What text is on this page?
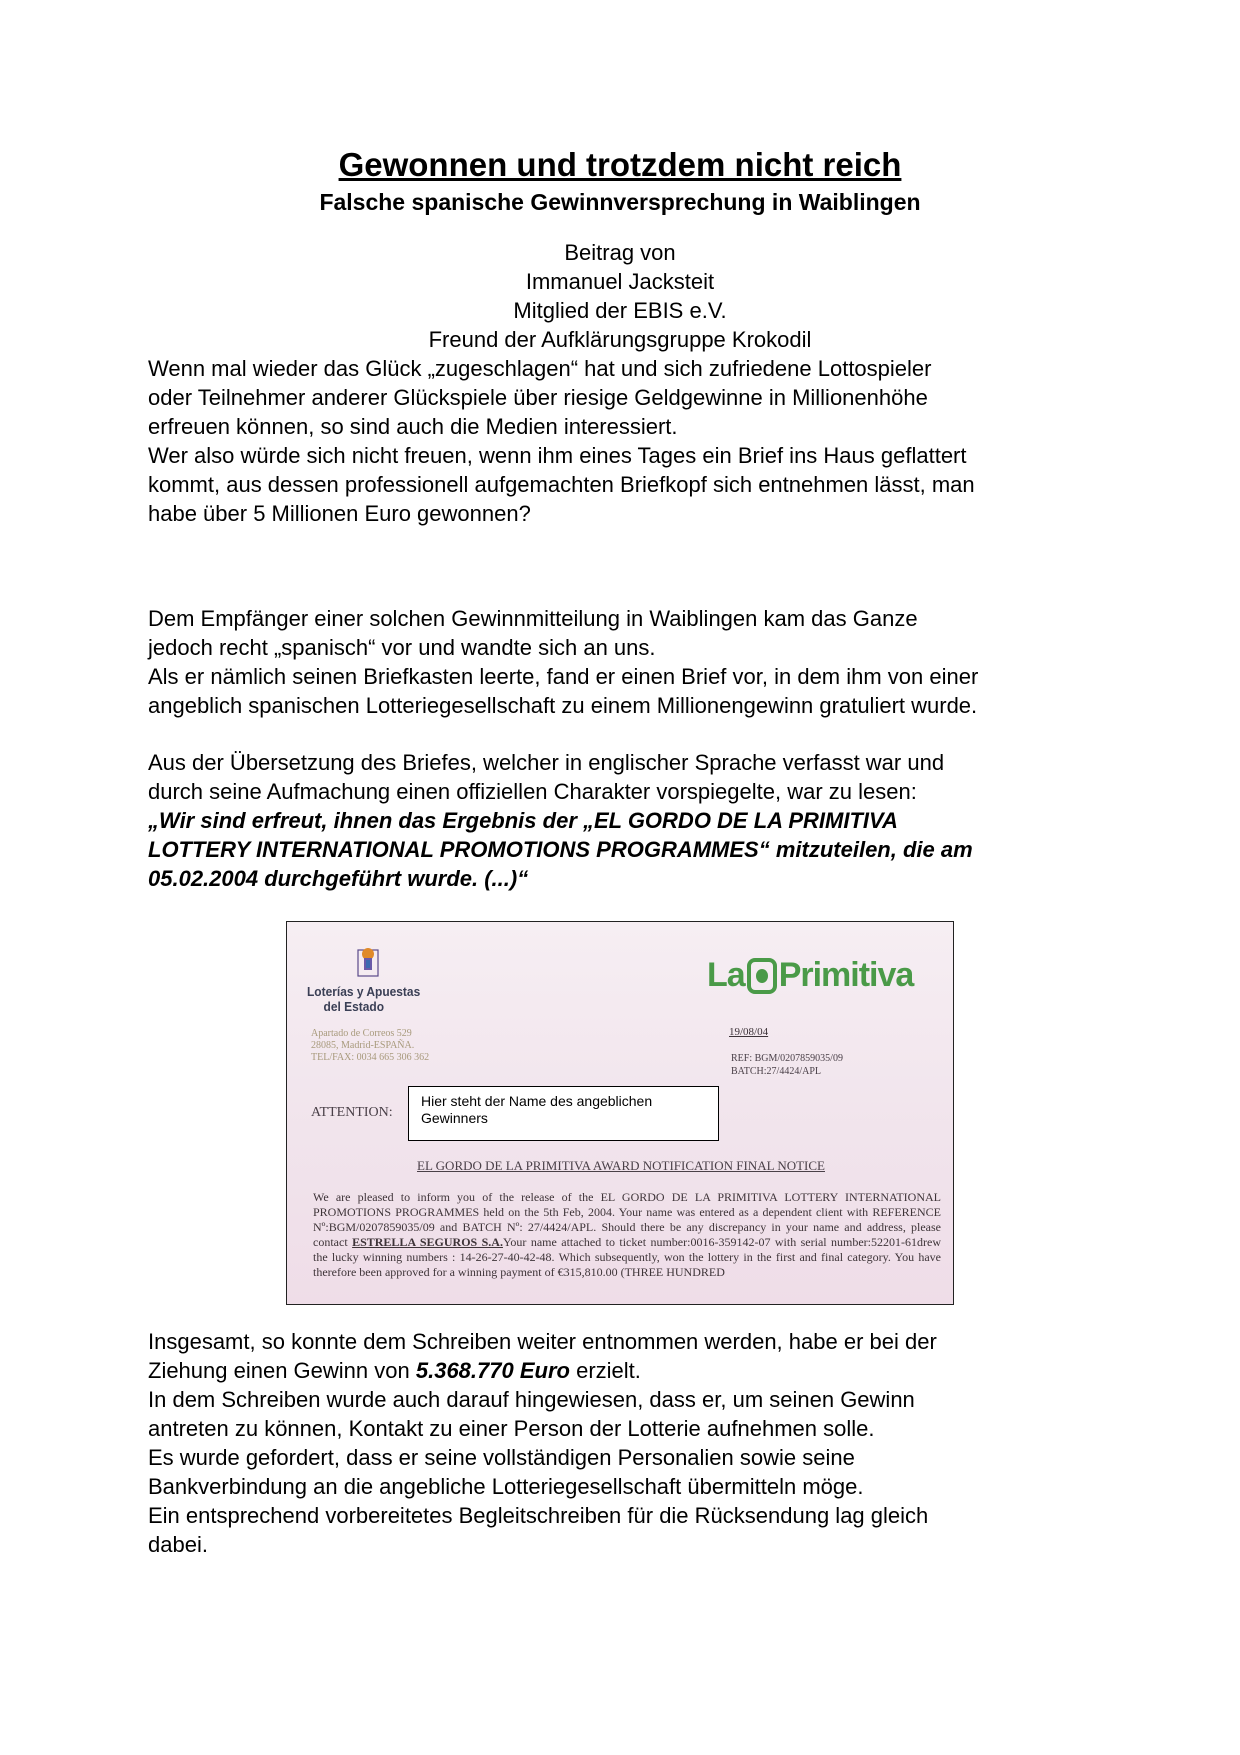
Gewonnen und trotzdem nicht reich
Falsche spanische Gewinnversprechung in Waiblingen
Beitrag von
Immanuel Jacksteit
Mitglied der EBIS e.V.
Freund der Aufklärungsgruppe Krokodil
Wenn mal wieder das Glück „zugeschlagen“ hat und sich zufriedene Lottospieler
oder Teilnehmer anderer Glückspiele über riesige Geldgewinne in Millionenhöhe
erfreuen können, so sind auch die Medien interessiert.
Wer also würde sich nicht freuen, wenn ihm eines Tages ein Brief ins Haus geflattert
kommt, aus dessen professionell aufgemachten Briefkopf sich entnehmen lässt, man
habe über 5 Millionen Euro gewonnen?
Dem Empfänger einer solchen Gewinnmitteilung in Waiblingen kam das Ganze
jedoch recht „spanisch“ vor und wandte sich an uns.
Als er nämlich seinen Briefkasten leerte, fand er einen Brief vor, in dem ihm von einer
angeblich spanischen Lotteriegesellschaft zu einem Millionengewinn gratuliert wurde.
Aus der Übersetzung des Briefes, welcher in englischer Sprache verfasst war und
durch seine Aufmachung einen offiziellen Charakter vorspiegelte, war zu lesen:
„Wir sind erfreut, ihnen das Ergebnis der „EL GORDO DE LA PRIMITIVA
LOTTERY INTERNATIONAL PROMOTIONS PROGRAMMES“ mitzuteilen, die am
05.02.2004 durchgeführt wurde. (...)“
Loterías y Apuestas
del Estado
Apartado de Correos 529
28085, Madrid-ESPAÑA.
TEL/FAX: 0034 665 306 362
La Primitiva
19/08/04
REF: BGM/0207859035/09
BATCH:27/4424/APL
ATTENTION:
Hier steht der Name des angeblichen Gewinners
EL GORDO DE LA PRIMITIVA AWARD NOTIFICATION FINAL NOTICE
We are pleased to inform you of the release of the EL GORDO DE LA PRIMITIVA LOTTERY INTERNATIONAL PROMOTIONS PROGRAMMES held on the 5th Feb, 2004. Your name was entered as a dependent client with REFERENCE Nº:BGM/0207859035/09 and BATCH Nº: 27/4424/APL. Should there be any discrepancy in your name and address, please contact ESTRELLA SEGUROS S.A.Your name attached to ticket number:0016-359142-07 with serial number:52201-61drew the lucky winning numbers : 14-26-27-40-42-48. Which subsequently, won the lottery in the first and final category. You have therefore been approved for a winning payment of €315,810.00 (THREE HUNDRED
Insgesamt, so konnte dem Schreiben weiter entnommen werden, habe er bei der
Ziehung einen Gewinn von 5.368.770 Euro erzielt.
In dem Schreiben wurde auch darauf hingewiesen, dass er, um seinen Gewinn
antreten zu können, Kontakt zu einer Person der Lotterie aufnehmen solle.
Es wurde gefordert, dass er seine vollständigen Personalien sowie seine
Bankverbindung an die angebliche Lotteriegesellschaft übermitteln möge.
Ein entsprechend vorbereitetes Begleitschreiben für die Rücksendung lag gleich
dabei.
